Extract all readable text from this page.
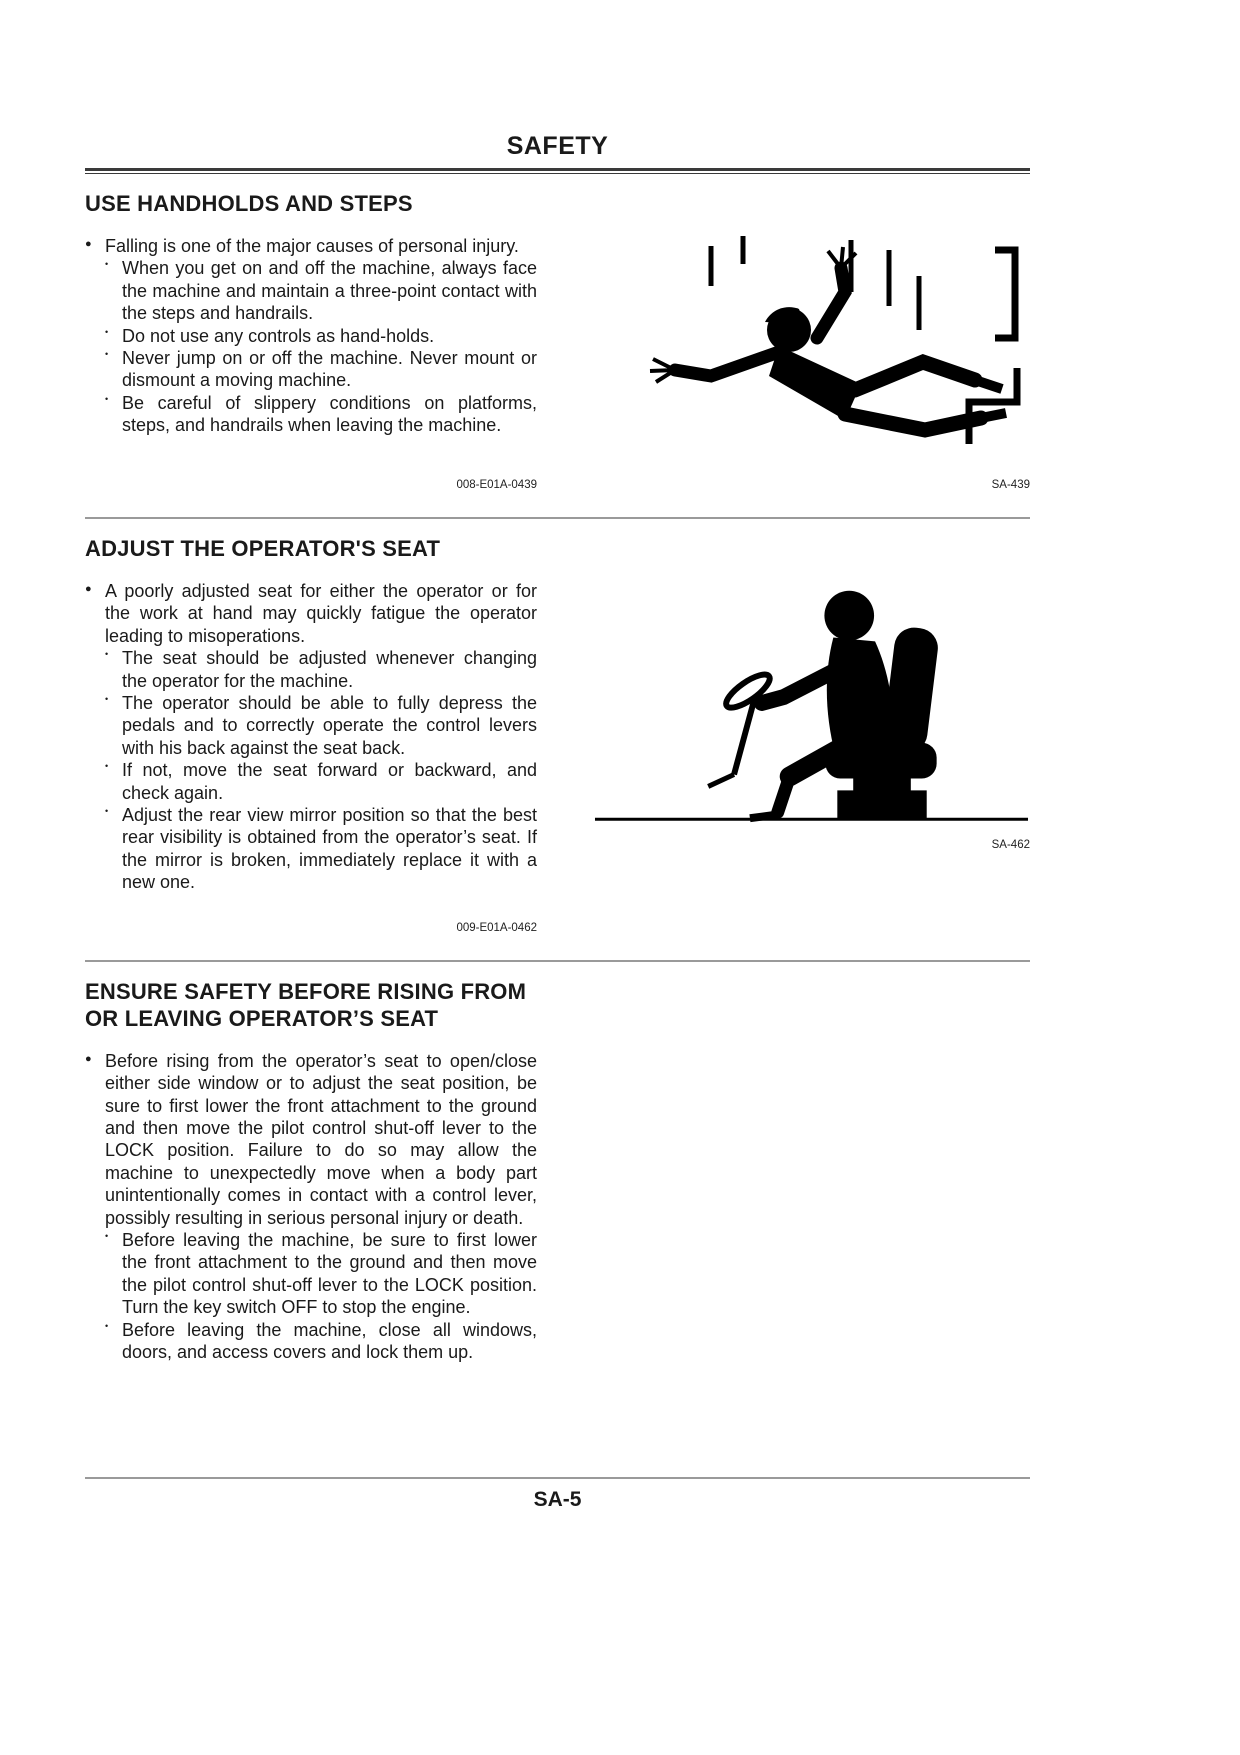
SAFETY
USE HANDHOLDS AND STEPS
●

Falling is one of the major causes of personal injury.

•

When you get on and off the machine, always face the machine and maintain a three-point contact with the steps and handrails.

•

Do not use any controls as hand-holds.

•

Never jump on or off the machine. Never mount or dismount a moving machine.

•

Be careful of slippery conditions on platforms, steps, and handrails when leaving the machine.

008-E01A-0439	SA-439
ADJUST THE OPERATOR'S SEAT
●

A poorly adjusted seat for either the operator or for the work at hand may quickly fatigue the operator leading to misoperations.

•

The seat should be adjusted whenever changing the operator for the machine.

•

The operator should be able to fully depress the pedals and to correctly operate the control levers with his back against the seat back.

•

If not, move the seat forward or backward, and check again.

•

Adjust the rear view mirror position so that the best rear visibility is obtained from the operator’s seat. If the mirror is broken, immediately replace it with a new one.

009-E01A-0462
SA-462
ENSURE SAFETY BEFORE RISING FROM OR LEAVING OPERATOR’S SEAT
●

Before rising from the operator’s seat to open/close either side window or to adjust the seat position, be sure to first lower the front attachment to the ground and then move the pilot control shut-off lever to the LOCK position. Failure to do so may allow the machine to unexpectedly move when a body part unintentionally comes in contact with a control lever, possibly resulting in serious personal injury or death.

•

Before leaving the machine, be sure to first lower the front attachment to the ground and then move the pilot control shut-off lever to the LOCK position. Turn the key switch OFF to stop the engine.

•

Before leaving the machine, close all windows, doors, and access covers and lock them up.

SA-5
